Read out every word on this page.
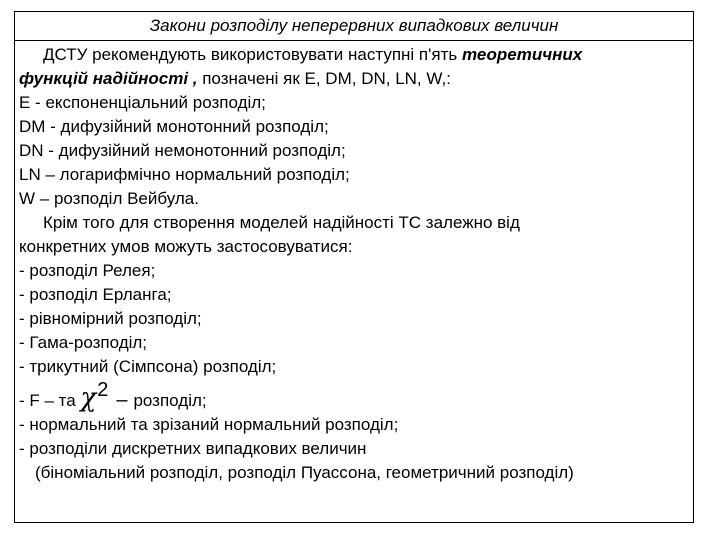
Закони розподілу неперервних випадкових величин
ДСТУ рекомендують використовувати наступні п'ять теоретичних
функцій надійності , позначені як Е, DM, DN, LN, W,:
Е - експоненціальний розподіл;
DM - дифузійний монотонний розподіл;
DN - дифузійний немонотонний розподіл;
LN – логарифмічно нормальний розподіл;
W – розподіл Вейбула.
Крім того для створення моделей надійності ТС залежно від
конкретних умов можуть застосовуватися:
- розподіл Релея;
- розподіл Ерланга;
- рівномірний розподіл;
- Гама-розподіл;
- трикутний (Сімпсона) розподіл;
- F – та χ2 – розподіл;
- нормальний та зрізаний нормальний розподіл;
- розподіли дискретних випадкових величин
(біноміальний розподіл, розподіл Пуассона, геометричний розподіл)
